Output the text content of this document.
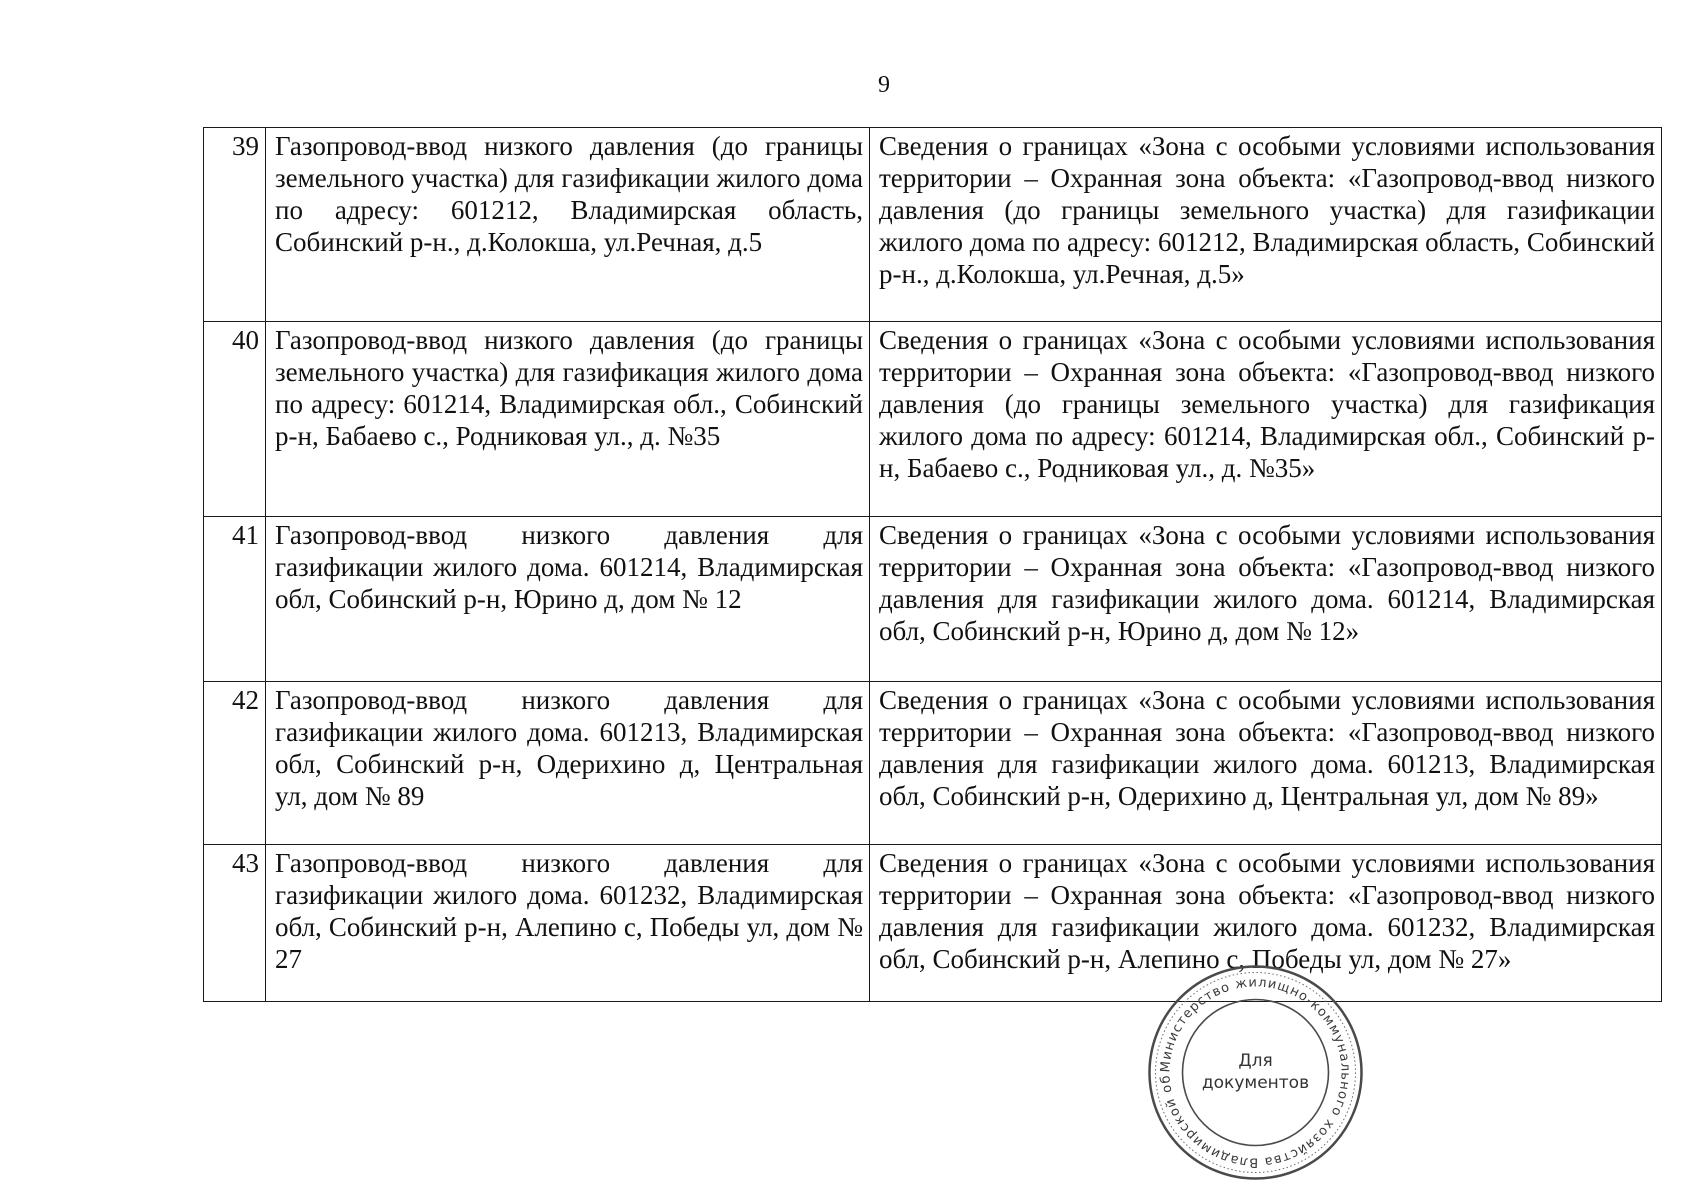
9
39	Газопровод-ввод низкого давления (до границы земельного участка) для газификации жилого дома по адресу: 601212, Владимирская область, Собинский р-н., д.Колокша, ул.Речная, д.5	Сведения о границах «Зона с особыми условиями использования территории – Охранная зона объекта: «Газопровод-ввод низкого давления (до границы земельного участка) для газификации жилого дома по адресу: 601212, Владимирская область, Собинский р-н., д.Колокша, ул.Речная, д.5»
40	Газопровод-ввод низкого давления (до границы земельного участка) для газификация жилого дома по адресу: 601214, Владимирская обл., Собинский р-н, Бабаево с., Родниковая ул., д. №35	Сведения о границах «Зона с особыми условиями использования территории – Охранная зона объекта: «Газопровод-ввод низкого давления (до границы земельного участка) для газификация жилого дома по адресу: 601214, Владимирская обл., Собинский р-н, Бабаево с., Родниковая ул., д. №35»
41	Газопровод-ввод низкого давления для газификации жилого дома. 601214, Владимирская обл, Собинский р-н, Юрино д, дом № 12	Сведения о границах «Зона с особыми условиями использования территории – Охранная зона объекта: «Газопровод-ввод низкого давления для газификации жилого дома. 601214, Владимирская обл, Собинский р-н, Юрино д, дом № 12»
42	Газопровод-ввод низкого давления для газификации жилого дома. 601213, Владимирская обл, Собинский р-н, Одерихино д, Центральная ул, дом № 89	Сведения о границах «Зона с особыми условиями использования территории – Охранная зона объекта: «Газопровод-ввод низкого давления для газификации жилого дома. 601213, Владимирская обл, Собинский р-н, Одерихино д, Центральная ул, дом № 89»
43	Газопровод-ввод низкого давления для газификации жилого дома. 601232, Владимирская обл, Собинский р-н, Алепино с, Победы ул, дом № 27	Сведения о границах «Зона с особыми условиями использования территории – Охранная зона объекта: «Газопровод-ввод низкого давления для газификации жилого дома. 601232, Владимирская обл, Собинский р-н, Алепино с, Победы ул, дом № 27»
Министерство жилищно-коммунального хозяйства Владимирской об
Для
документов
